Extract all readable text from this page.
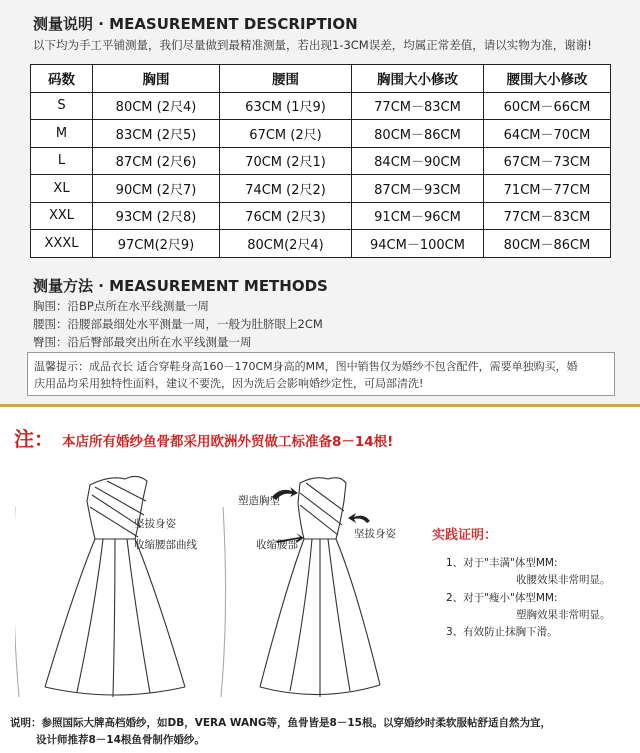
测量说明 · MEASUREMENT DESCRIPTION
以下均为手工平铺测量，我们尽量做到最精准测量，若出现1-3CM误差，均属正常差值，请以实物为准，谢谢!
码数	胸围	腰围	胸围大小修改	腰围大小修改
S	80CM (2尺4)	63CM (1尺9)	77CM－83CM	60CM－66CM
M	83CM (2尺5)	67CM (2尺)	80CM－86CM	64CM－70CM
L	87CM (2尺6)	70CM (2尺1)	84CM－90CM	67CM－73CM
XL	90CM (2尺7)	74CM (2尺2)	87CM－93CM	71CM－77CM
XXL	93CM (2尺8)	76CM (2尺3)	91CM－96CM	77CM－83CM
XXXL	97CM(2尺9)	80CM(2尺4)	94CM－100CM	80CM－86CM
测量方法 · MEASUREMENT METHODS
胸围：沿BP点所在水平线测量一周
腰围：沿腰部最细处水平测量一周，一般为肚脐眼上2CM
臀围：沿后臀部最突出所在水平线测量一周
温馨提示：成品衣长 适合穿鞋身高160－170CM身高的MM，图中销售仅为婚纱不包含配件，需要单独购买，婚
庆用品均采用独特性面料，建议不要洗，因为洗后会影响婚纱定性，可局部清洗!
注： 本店所有婚纱鱼骨都采用欧洲外贸做工标准备8－14根!
坚拔身姿
收缩腰部曲线
塑造胸型
收缩腰部
坚拔身姿	实践证明：
1、对于"丰满"体型MM:
收腰效果非常明显。
2、对于"瘦小"体型MM:
塑胸效果非常明显。
3、有效防止抹胸下滑。
说明：参照国际大牌高档婚纱，如DB，VERA WANG等，鱼骨皆是8－15根。以穿婚纱时柔软服帖舒适自然为宜，
设计师推荐8－14根鱼骨制作婚纱。
